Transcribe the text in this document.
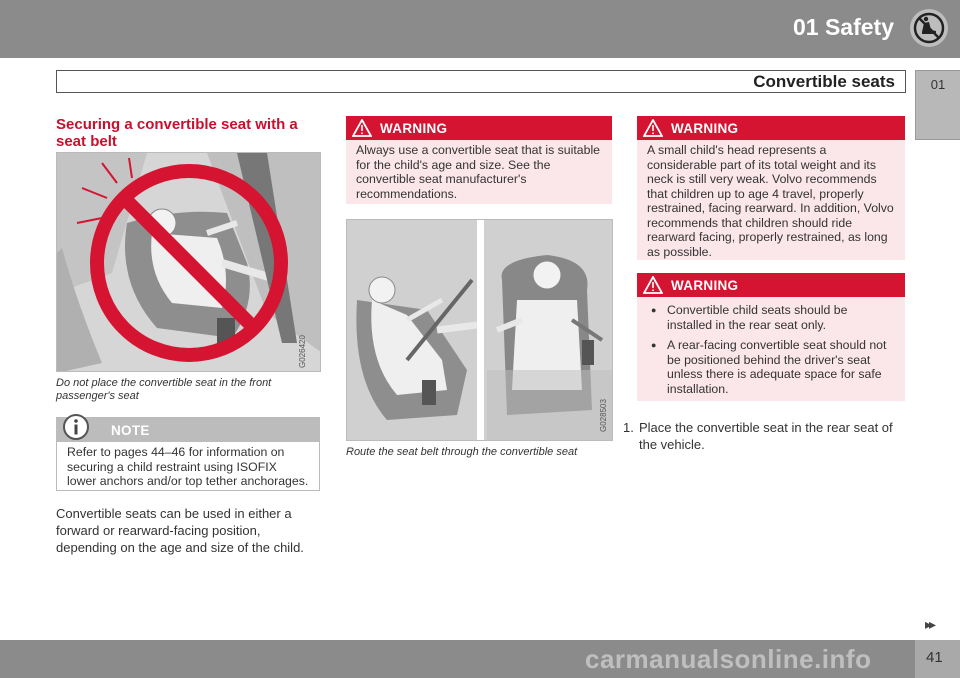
01 Safety
Convertible seats	01
Securing a convertible seat with a seat belt
G026420
Do not place the convertible seat in the front passenger's seat
NOTE
Refer to pages 44–46 for information on securing a child restraint using ISOFIX lower anchors and/or top tether anchorages.
Convertible seats can be used in either a forward or rearward-facing position, depending on the age and size of the child.
WARNING
Always use a convertible seat that is suitable for the child's age and size. See the convertible seat manufacturer's recommendations.
G028503
Route the seat belt through the convertible seat
WARNING
A small child's head represents a considerable part of its total weight and its neck is still very weak. Volvo recommends that children up to age 4 travel, properly restrained, facing rearward. In addition, Volvo recommends that children should ride rearward facing, properly restrained, as long as possible.
WARNING
● Convertible child seats should be installed in the rear seat only.
● A rear-facing convertible seat should not be positioned behind the driver's seat unless there is adequate space for safe installation.
1. Place the convertible seat in the rear seat of the vehicle.
▸▸
carmanualsonline.info	41
